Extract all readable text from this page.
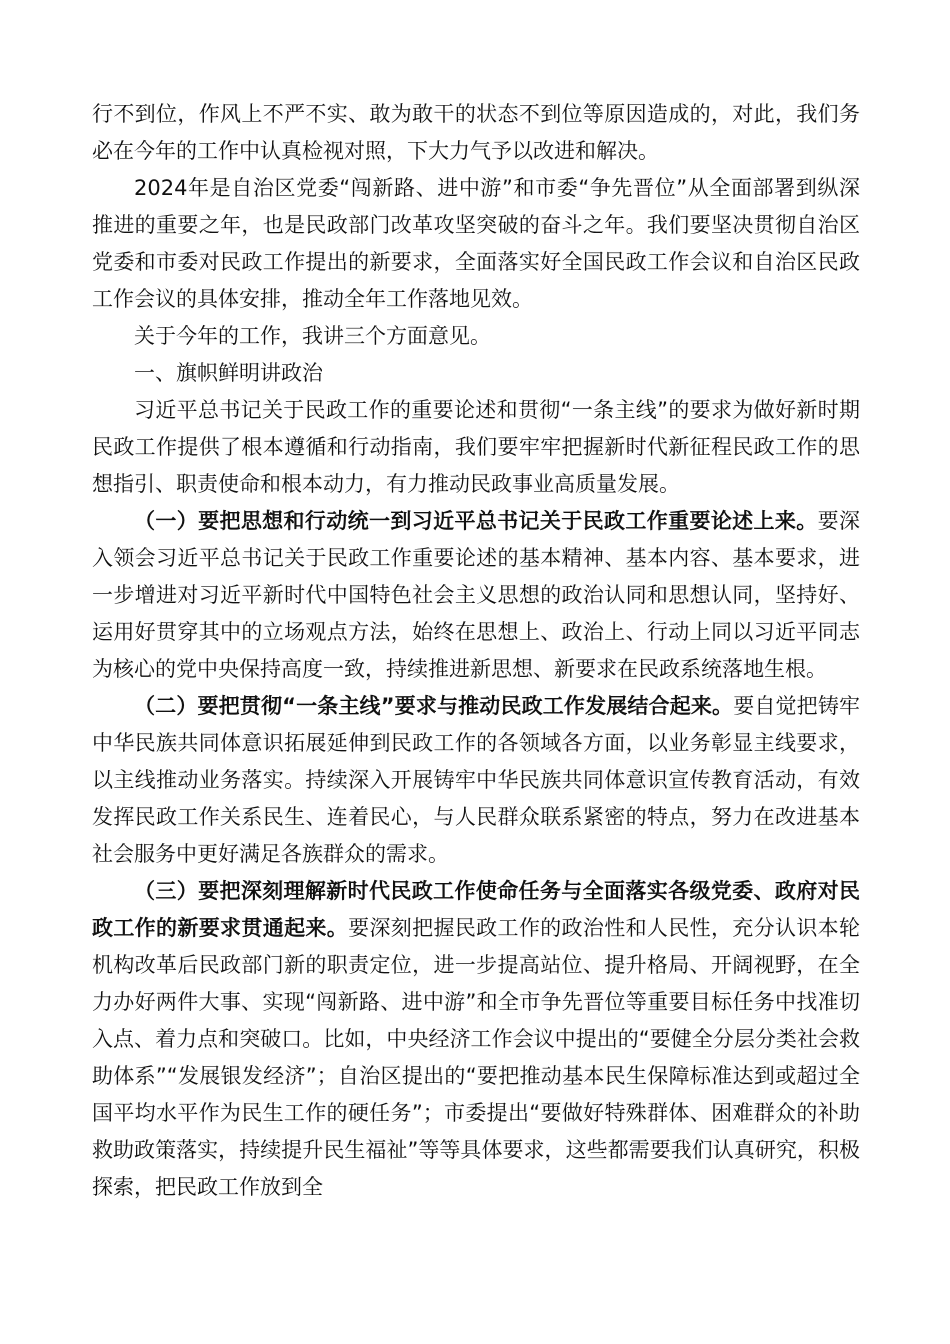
行不到位，作风上不严不实、敢为敢干的状态不到位等原因造成的，对此，我们务必在今年的工作中认真检视对照，下大力气予以改进和解决。

2024年是自治区党委“闯新路、进中游”和市委“争先晋位”从全面部署到纵深推进的重要之年，也是民政部门改革攻坚突破的奋斗之年。我们要坚决贯彻自治区党委和市委对民政工作提出的新要求，全面落实好全国民政工作会议和自治区民政工作会议的具体安排，推动全年工作落地见效。

关于今年的工作，我讲三个方面意见。

一、旗帜鲜明讲政治

习近平总书记关于民政工作的重要论述和贯彻“一条主线”的要求为做好新时期民政工作提供了根本遵循和行动指南，我们要牢牢把握新时代新征程民政工作的思想指引、职责使命和根本动力，有力推动民政事业高质量发展。

（一）要把思想和行动统一到习近平总书记关于民政工作重要论述上来。要深入领会习近平总书记关于民政工作重要论述的基本精神、基本内容、基本要求，进一步增进对习近平新时代中国特色社会主义思想的政治认同和思想认同，坚持好、运用好贯穿其中的立场观点方法，始终在思想上、政治上、行动上同以习近平同志为核心的党中央保持高度一致，持续推进新思想、新要求在民政系统落地生根。

（二）要把贯彻“一条主线”要求与推动民政工作发展结合起来。要自觉把铸牢中华民族共同体意识拓展延伸到民政工作的各领域各方面，以业务彰显主线要求，以主线推动业务落实。持续深入开展铸牢中华民族共同体意识宣传教育活动，有效发挥民政工作关系民生、连着民心，与人民群众联系紧密的特点，努力在改进基本社会服务中更好满足各族群众的需求。

（三）要把深刻理解新时代民政工作使命任务与全面落实各级党委、政府对民政工作的新要求贯通起来。要深刻把握民政工作的政治性和人民性，充分认识本轮机构改革后民政部门新的职责定位，进一步提高站位、提升格局、开阔视野，在全力办好两件大事、实现“闯新路、进中游”和全市争先晋位等重要目标任务中找准切入点、着力点和突破口。比如，中央经济工作会议中提出的“要健全分层分类社会救助体系”“发展银发经济”；自治区提出的“要把推动基本民生保障标准达到或超过全国平均水平作为民生工作的硬任务”；市委提出“要做好特殊群体、困难群众的补助救助政策落实，持续提升民生福祉”等等具体要求，这些都需要我们认真研究，积极探索，把民政工作放到全
